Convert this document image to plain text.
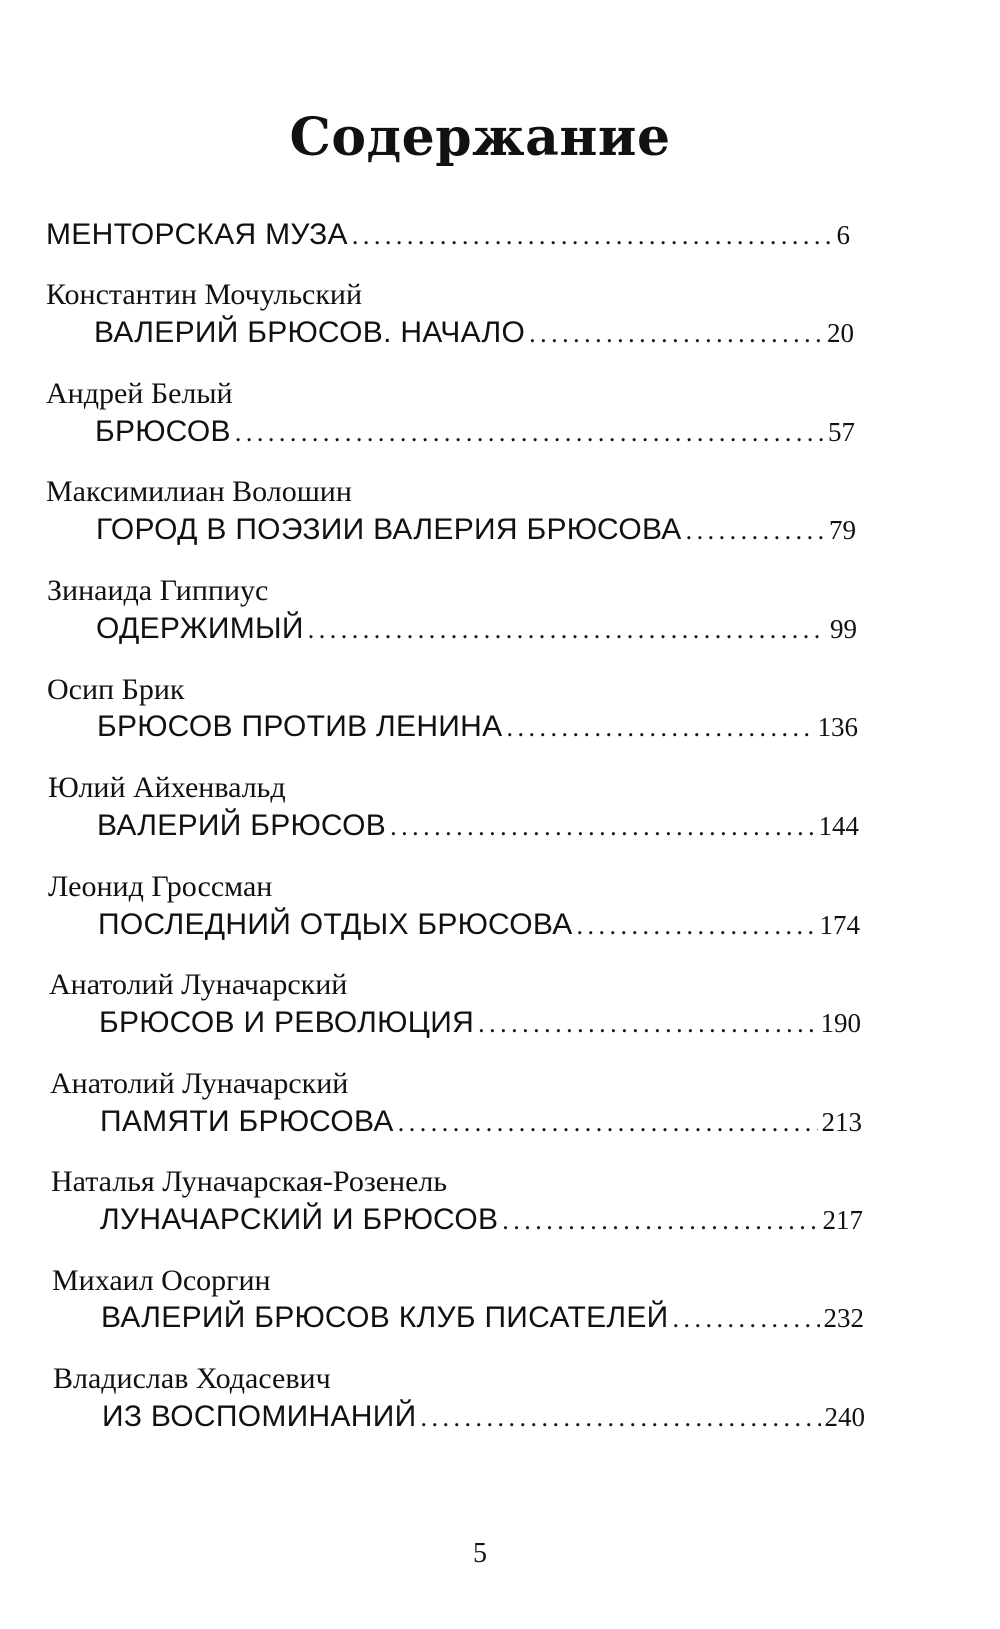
Содержание
МЕНТОРСКАЯ МУЗА . . .	6
Константин Мочульский
ВАЛЕРИЙ БРЮСОВ. НАЧАЛО . . .	20
Андрей Белый
БРЮСОВ . . .	57
Максимилиан Волошин
ГОРОД В ПОЭЗИИ ВАЛЕРИЯ БРЮСОВА . . .	79
Зинаида Гиппиус
ОДЕРЖИМЫЙ . . .	99
Осип Брик
БРЮСОВ ПРОТИВ ЛЕНИНА . . .	136
Юлий Айхенвальд
ВАЛЕРИЙ БРЮСОВ . . .	144
Леонид Гроссман
ПОСЛЕДНИЙ ОТДЫХ БРЮСОВА . . .	174
Анатолий Луначарский
БРЮСОВ И РЕВОЛЮЦИЯ . . .	190
Анатолий Луначарский
ПАМЯТИ БРЮСОВА . . .	213
Наталья Луначарская-Розенель
ЛУНАЧАРСКИЙ И БРЮСОВ . . .	217
Михаил Осоргин
ВАЛЕРИЙ БРЮСОВ КЛУБ ПИСАТЕЛЕЙ . . .	232
Владислав Ходасевич
ИЗ ВОСПОМИНАНИЙ . . .	240
5
